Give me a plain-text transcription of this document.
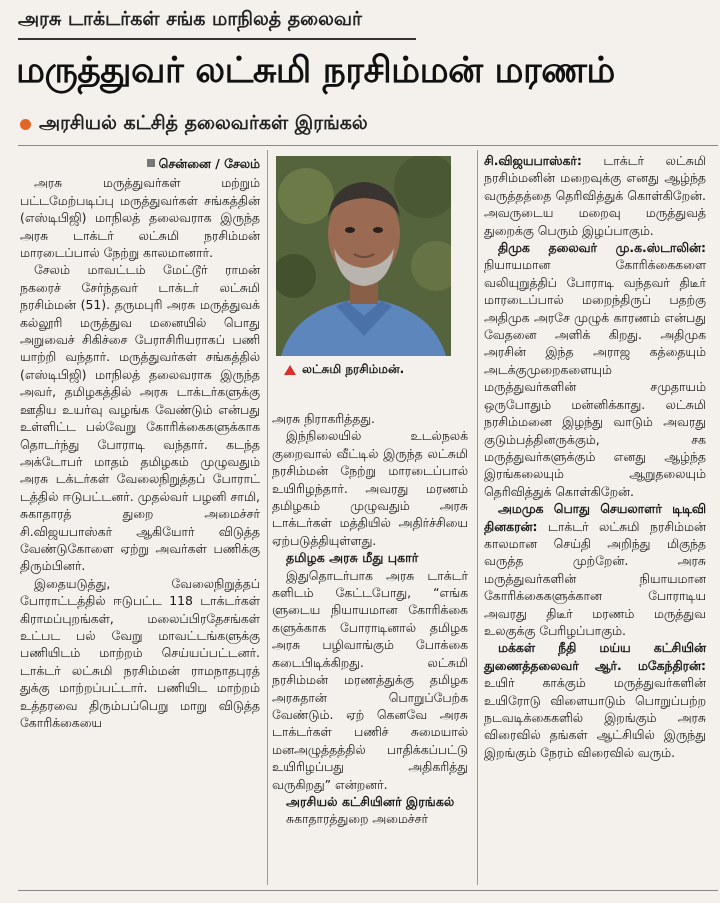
அரசு டாக்டர்கள் சங்க மாநிலத் தலைவர்
மருத்துவர் லட்சுமி நரசிம்மன் மரணம்
அரசியல் கட்சித் தலைவர்கள் இரங்கல்

சென்னை / சேலம்

அரசு மருத்துவர்கள் மற்றும் பட்டமேற்படிப்பு மருத்துவர்கள் சங்கத்தின் (எஸ்டிபிஜி) மாநிலத் தலைவராக இருந்த அரசு டாக்டர் லட்சுமி நரசிம்மன் மாரடைப்பால் நேற்று காலமானார்.

சேலம் மாவட்டம் மேட்டூர் ராமன் நகரைச் சேர்ந்தவர் டாக்டர் லட்சுமி நரசிம்மன் (51). தருமபுரி அரசு மருத்துவக் கல்லூரி மருத்துவ மனையில் பொது அறுவைச் சிகிச்சை பேராசிரியராகப் பணி யாற்றி வந்தார். மருத்துவர்கள் சங்கத்தில் (எஸ்டிபிஜி) மாநிலத் தலைவராக இருந்த அவர், தமிழகத்தில் அரசு டாக்டர்களுக்கு ஊதிய உயர்வு வழங்க வேண்டும் என்பது உள்ளிட்ட பல்வேறு கோரிக்கைகளுக்காக தொடர்ந்து போராடி வந்தார். கடந்த அக்டோபர் மாதம் தமிழகம் முழுவதும் அரசு டக்டர்கள் வேலைநிறுத்தப் போராட் டத்தில் ஈடுபட்டனர். முதல்வர் பழனி சாமி, சுகாதாரத் துறை அமைச்சர் சி.விஜயபாஸ்கர் ஆகியோர் விடுத்த வேண்டுகோளை ஏற்று அவர்கள் பணிக்கு திரும்பினர்.

இதையடுத்து, வேலைநிறுத்தப் போராட்டத்தில் ஈடுபட்ட 118 டாக்டர்கள் கிராமப்புறங்கள், மலைப்பிரதேசங்கள் உட்பட பல் வேறு மாவட்டங்களுக்கு பணியிடம் மாற்றம் செய்யப்பட்டனர். டாக்டர் லட்சுமி நரசிம்மன் ராமநாதபுரத் துக்கு மாற்றப்பட்டார். பணியிட மாற்றம் உத்தரவை திரும்பப்பெறு மாறு விடுத்த கோரிக்கையை

லட்சுமி நரசிம்மன்.

அரசு நிராகரித்தது.

இந்நிலையில் உடல்நலக் குறைவால் வீட்டில் இருந்த லட்சுமி நரசிம்மன் நேற்று மாரடைப்பால் உயிரிழந்தார். அவரது மரணம் தமிழகம் முழுவதும் அரசு டாக்டர்கள் மத்தியில் அதிர்ச்சியை ஏற்படுத்தியுள்ளது.

தமிழக அரசு மீது புகார்

இதுதொடர்பாக அரசு டாக்டர் களிடம் கேட்டபோது, “எங்க ளுடைய நியாயமான கோரிக்கை களுக்காக போராடினால் தமிழக அரசு பழிவாங்கும் போக்கை கடைபிடிக்கிறது. லட்சுமி நரசிம்மன் மரணத்துக்கு தமிழக அரசுதான் பொறுப்பேற்க வேண்டும். ஏற் கெனவே அரசு டாக்டர்கள் பணிச் சுமையால் மனஅழுத்தத்தில் பாதிக்கப்பட்டு உயிரிழப்பது அதிகரித்து வருகிறது” என்றனர்.

அரசியல் கட்சியினர் இரங்கல்

சுகாதாரத்துறை அமைச்சர்

சி.விஜயபாஸ்கர்: டாக்டர் லட்சுமி நரசிம்மனின் மறைவுக்கு எனது ஆழ்ந்த வருத்தத்தை தெரிவித்துக் கொள்கிறேன். அவருடைய மறைவு மருத்துவத் துறைக்கு பெரும் இழப்பாகும்.

திமுக தலைவர் மு.க.ஸ்டாலின்: நியாயமான கோரிக்கைகளை வலியுறுத்திப் போராடி வந்தவர் திடீர் மாரடைப்பால் மறைந்திருப் பதற்கு அதிமுக அரசே முழுக் காரணம் என்பது வேதனை அளிக் கிறது. அதிமுக அரசின் இந்த அராஜ கத்தையும் அடக்குமுறைகளையும் மருத்துவர்களின் சமுதாயம் ஒருபோதும் மன்னிக்காது. லட்சுமி நரசிம்மனை இழந்து வாடும் அவரது குடும்பத்தினருக்கும், சக மருத்துவர்களுக்கும் எனது ஆழ்ந்த இரங்கலையும் ஆறுதலையும் தெரிவித்துக் கொள்கிறேன்.

அமமுக பொது செயலாளர் டிடிவி தினகரன்: டாக்டர் லட்சுமி நரசிம்மன் காலமான செய்தி அறிந்து மிகுந்த வருத்த முற்றேன். அரசு மருத்துவர்களின் நியாயமான கோரிக்கைகளுக்கான போராடிய அவரது திடீர் மரணம் மருத்துவ உலகுக்கு பேரிழப்பாகும்.

மக்கள் நீதி மய்ய கட்சியின் துணைத்தலைவர் ஆர். மகேந்திரன்: உயிர் காக்கும் மருத்துவர்களின் உயிரோடு விளையாடும் பொறுப்பற்ற நடவடிக்கைகளில் இறங்கும் அரசு விரைவில் தங்கள் ஆட்சியில் இருந்து இறங்கும் நேரம் விரைவில் வரும்.
